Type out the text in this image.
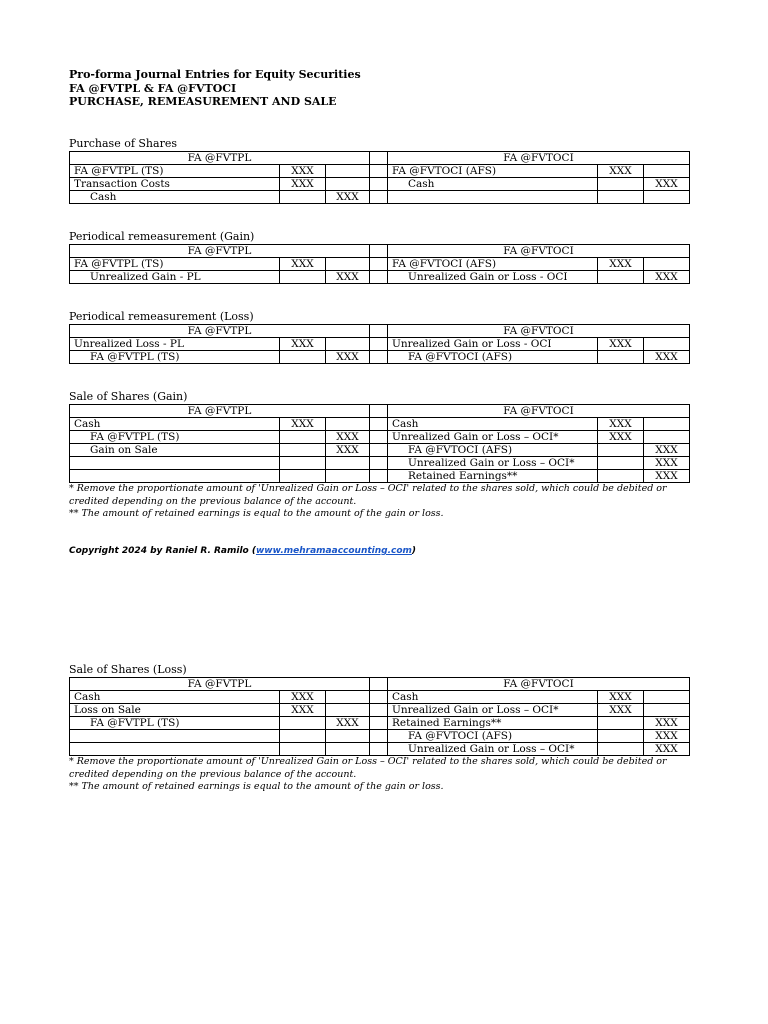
Pro-forma Journal Entries for Equity Securities
FA @FVTPL & FA @FVTOCI
PURCHASE, REMEASUREMENT AND SALE
Purchase of Shares
FA @FVTPL				FA @FVTOCI		
FA @FVTPL (TS)	XXX			FA @FVTOCI (AFS)	XXX	
Transaction Costs	XXX			Cash		XXX
Cash		XXX				
Periodical remeasurement (Gain)
FA @FVTPL				FA @FVTOCI		
FA @FVTPL (TS)	XXX			FA @FVTOCI (AFS)	XXX	
Unrealized Gain - PL		XXX		Unrealized Gain or Loss - OCI		XXX
Periodical remeasurement (Loss)
FA @FVTPL				FA @FVTOCI		
Unrealized Loss - PL	XXX			Unrealized Gain or Loss - OCI	XXX	
FA @FVTPL (TS)		XXX		FA @FVTOCI (AFS)		XXX
Sale of Shares (Gain)
FA @FVTPL				FA @FVTOCI		
Cash	XXX			Cash	XXX	
FA @FVTPL (TS)		XXX		Unrealized Gain or Loss – OCI*	XXX	
Gain on Sale		XXX		FA @FVTOCI (AFS)		XXX
				Unrealized Gain or Loss – OCI*		XXX
				Retained Earnings**		XXX
* Remove the proportionate amount of 'Unrealized Gain or Loss – OCI' related to the shares sold, which could be debited or credited depending on the previous balance of the account.
** The amount of retained earnings is equal to the amount of the gain or loss.
Sale of Shares (Loss)
FA @FVTPL				FA @FVTOCI		
Cash	XXX			Cash	XXX	
Loss on Sale	XXX			Unrealized Gain or Loss – OCI*	XXX	
FA @FVTPL (TS)		XXX		Retained Earnings**		XXX
				FA @FVTOCI (AFS)		XXX
				Unrealized Gain or Loss – OCI*		XXX
* Remove the proportionate amount of 'Unrealized Gain or Loss – OCI' related to the shares sold, which could be debited or credited depending on the previous balance of the account.
** The amount of retained earnings is equal to the amount of the gain or loss.
Copyright 2024 by Raniel R. Ramilo (www.mehramaaccounting.com)
